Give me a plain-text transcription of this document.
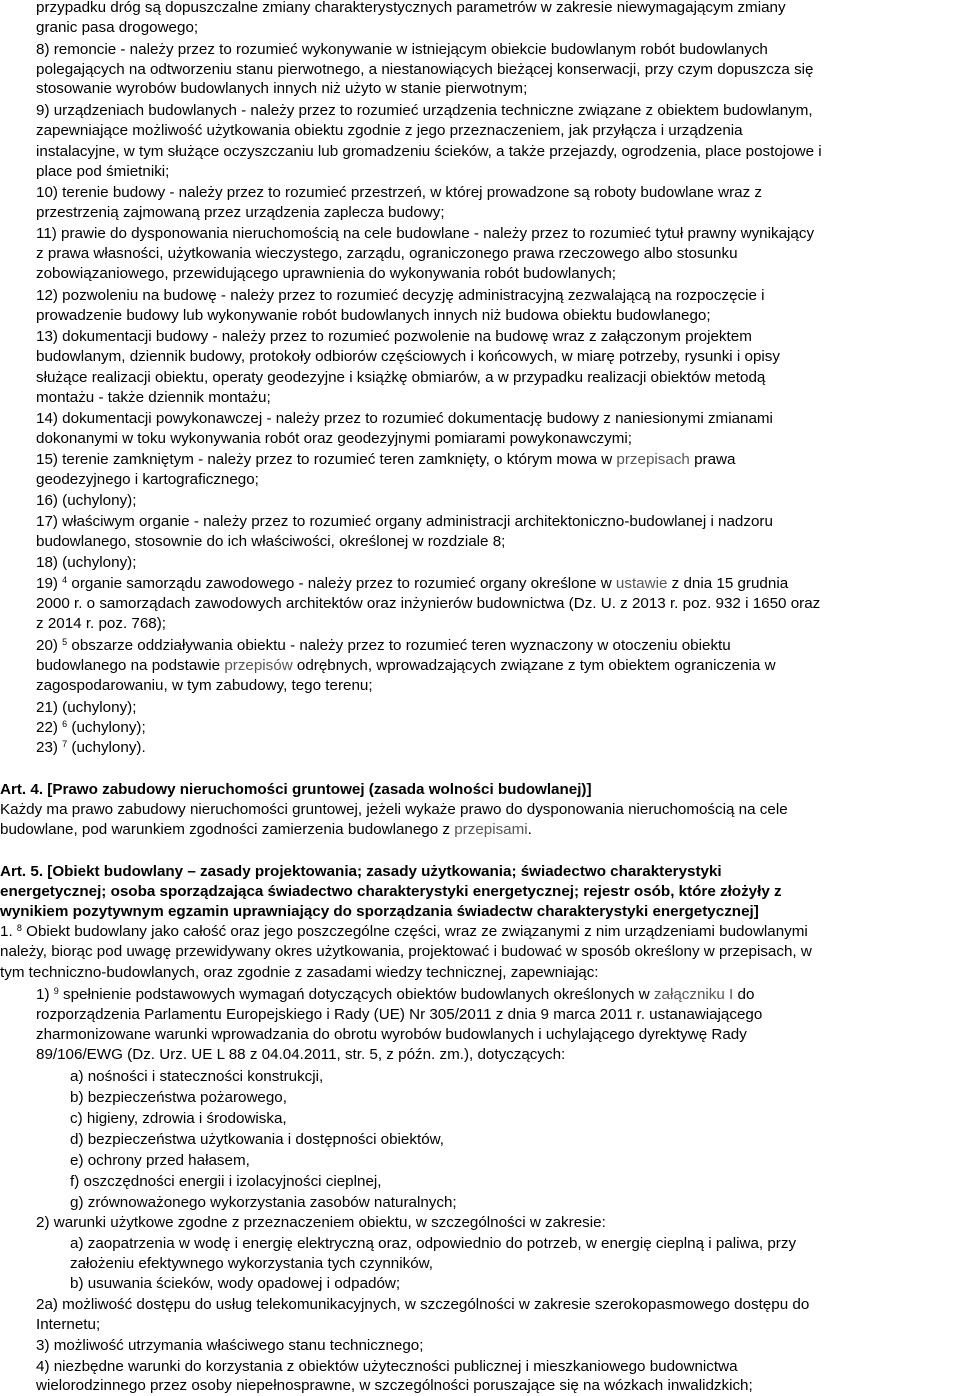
przypadku dróg są dopuszczalne zmiany charakterystycznych parametrów w zakresie niewymagającym zmiany
granic pasa drogowego;
8) remoncie - należy przez to rozumieć wykonywanie w istniejącym obiekcie budowlanym robót budowlanych
polegających na odtworzeniu stanu pierwotnego, a niestanowiących bieżącej konserwacji, przy czym dopuszcza się
stosowanie wyrobów budowlanych innych niż użyto w stanie pierwotnym;
9) urządzeniach budowlanych - należy przez to rozumieć urządzenia techniczne związane z obiektem budowlanym,
zapewniające możliwość użytkowania obiektu zgodnie z jego przeznaczeniem, jak przyłącza i urządzenia
instalacyjne, w tym służące oczyszczaniu lub gromadzeniu ścieków, a także przejazdy, ogrodzenia, place postojowe i
place pod śmietniki;
10) terenie budowy - należy przez to rozumieć przestrzeń, w której prowadzone są roboty budowlane wraz z
przestrzenią zajmowaną przez urządzenia zaplecza budowy;
11) prawie do dysponowania nieruchomością na cele budowlane - należy przez to rozumieć tytuł prawny wynikający
z prawa własności, użytkowania wieczystego, zarządu, ograniczonego prawa rzeczowego albo stosunku
zobowiązaniowego, przewidującego uprawnienia do wykonywania robót budowlanych;
12) pozwoleniu na budowę - należy przez to rozumieć decyzję administracyjną zezwalającą na rozpoczęcie i
prowadzenie budowy lub wykonywanie robót budowlanych innych niż budowa obiektu budowlanego;
13) dokumentacji budowy - należy przez to rozumieć pozwolenie na budowę wraz z załączonym projektem
budowlanym, dziennik budowy, protokoły odbiorów częściowych i końcowych, w miarę potrzeby, rysunki i opisy
służące realizacji obiektu, operaty geodezyjne i książkę obmiarów, a w przypadku realizacji obiektów metodą
montażu - także dziennik montażu;
14) dokumentacji powykonawczej - należy przez to rozumieć dokumentację budowy z naniesionymi zmianami
dokonanymi w toku wykonywania robót oraz geodezyjnymi pomiarami powykonawczymi;
15) terenie zamkniętym - należy przez to rozumieć teren zamknięty, o którym mowa w przepisach prawa
geodezyjnego i kartograficznego;
16) (uchylony);
17) właściwym organie - należy przez to rozumieć organy administracji architektoniczno-budowlanej i nadzoru
budowlanego, stosownie do ich właściwości, określonej w rozdziale 8;
18) (uchylony);
19) $^4$ organie samorządu zawodowego - należy przez to rozumieć organy określone w ustawie z dnia 15 grudnia
2000 r. o samorządach zawodowych architektów oraz inżynierów budownictwa (Dz. U. z 2013 r. poz. 932 i 1650 oraz
z 2014 r. poz. 768);
20) $^5$ obszarze oddziaływania obiektu - należy przez to rozumieć teren wyznaczony w otoczeniu obiektu
budowlanego na podstawie przepisów odrębnych, wprowadzających związane z tym obiektem ograniczenia w
zagospodarowaniu, w tym zabudowy, tego terenu;
21) (uchylony);
22) $^6$ (uchylony);
23) $^7$ (uchylony).
Art. 4. [Prawo zabudowy nieruchomości gruntowej (zasada wolności budowlanej)]
Każdy ma prawo zabudowy nieruchomości gruntowej, jeżeli wykaże prawo do dysponowania nieruchomością na cele
budowlane, pod warunkiem zgodności zamierzenia budowlanego z przepisami.
Art. 5. [Obiekt budowlany – zasady projektowania; zasady użytkowania; świadectwo charakterystyki
energetycznej; osoba sporządzająca świadectwo charakterystyki energetycznej; rejestr osób, które złożyły z
wynikiem pozytywnym egzamin uprawniający do sporządzania świadectw charakterystyki energetycznej]
1. $^8$ Obiekt budowlany jako całość oraz jego poszczególne części, wraz ze związanymi z nim urządzeniami budowlanymi
należy, biorąc pod uwagę przewidywany okres użytkowania, projektować i budować w sposób określony w przepisach, w
tym techniczno-budowlanych, oraz zgodnie z zasadami wiedzy technicznej, zapewniając:
1) $^9$ spełnienie podstawowych wymagań dotyczących obiektów budowlanych określonych w załączniku I do
rozporządzenia Parlamentu Europejskiego i Rady (UE) Nr 305/2011 z dnia 9 marca 2011 r. ustanawiającego
zharmonizowane warunki wprowadzania do obrotu wyrobów budowlanych i uchylającego dyrektywę Rady
89/106/EWG (Dz. Urz. UE L 88 z 04.04.2011, str. 5, z późn. zm.), dotyczących:
a) nośności i stateczności konstrukcji,
b) bezpieczeństwa pożarowego,
c) higieny, zdrowia i środowiska,
d) bezpieczeństwa użytkowania i dostępności obiektów,
e) ochrony przed hałasem,
f) oszczędności energii i izolacyjności cieplnej,
g) zrównoważonego wykorzystania zasobów naturalnych;
2) warunki użytkowe zgodne z przeznaczeniem obiektu, w szczególności w zakresie:
a) zaopatrzenia w wodę i energię elektryczną oraz, odpowiednio do potrzeb, w energię cieplną i paliwa, przy
założeniu efektywnego wykorzystania tych czynników,
b) usuwania ścieków, wody opadowej i odpadów;
2a) możliwość dostępu do usług telekomunikacyjnych, w szczególności w zakresie szerokopasmowego dostępu do
Internetu;
3) możliwość utrzymania właściwego stanu technicznego;
4) niezbędne warunki do korzystania z obiektów użyteczności publicznej i mieszkaniowego budownictwa
wielorodzinnego przez osoby niepełnosprawne, w szczególności poruszające się na wózkach inwalidzkich;
